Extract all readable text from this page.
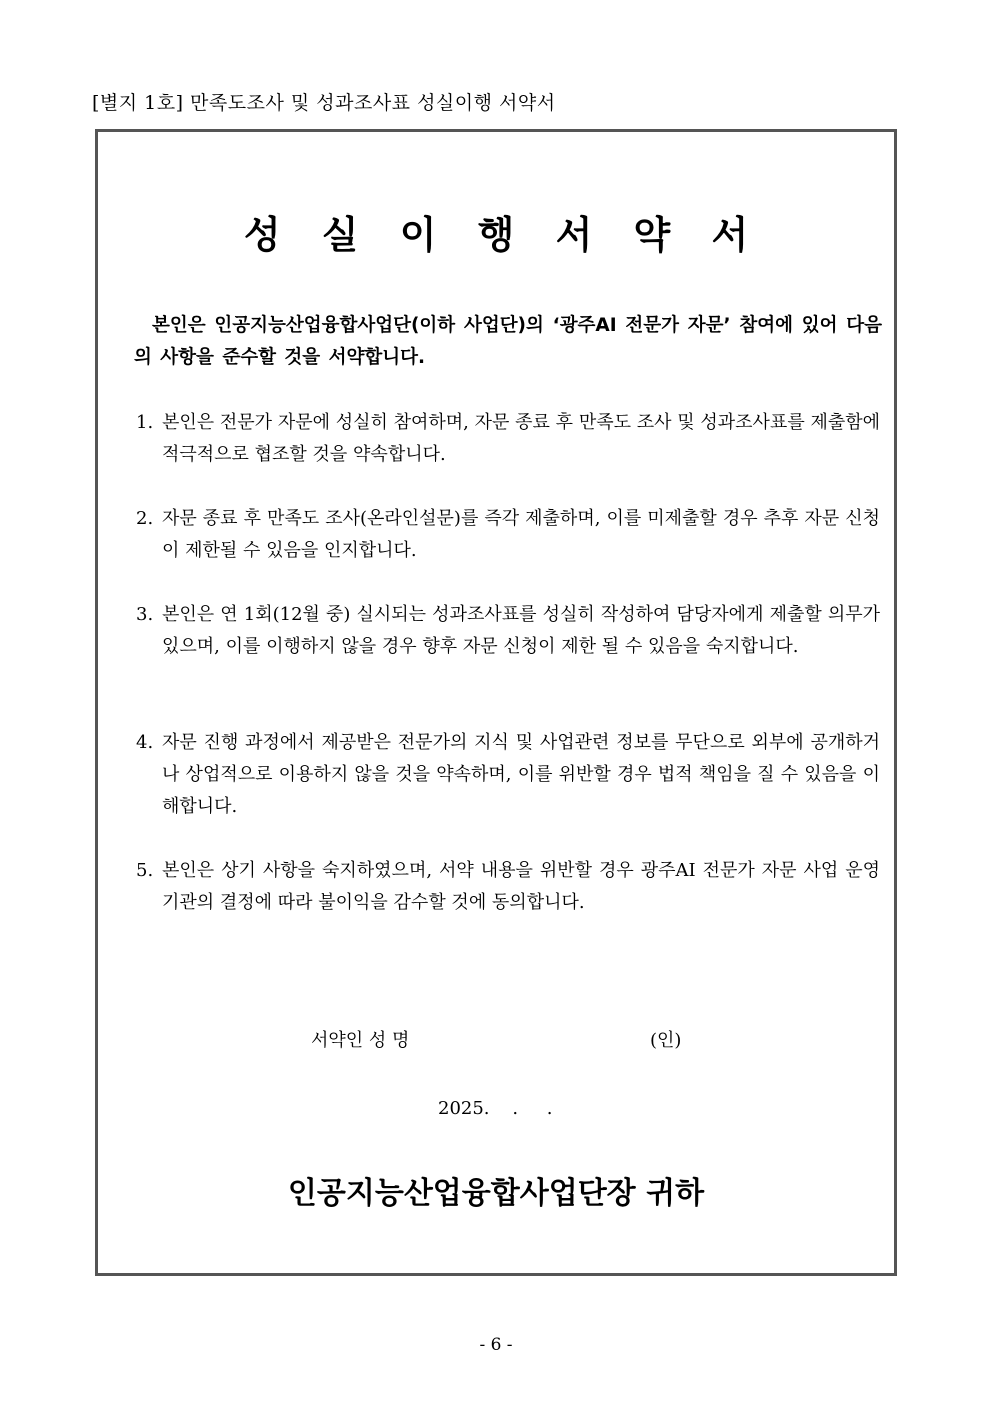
[별지 1호] 만족도조사 및 성과조사표 성실이행 서약서
성 실 이 행 서 약 서
본인은 인공지능산업융합사업단(이하 사업단)의 ‘광주AI 전문가 자문’ 참여에 있어 다음의 사항을 준수할 것을 서약합니다.
1. 본인은 전문가 자문에 성실히 참여하며, 자문 종료 후 만족도 조사 및 성과조사표를 제출함에 적극적으로 협조할 것을 약속합니다.
2. 자문 종료 후 만족도 조사(온라인설문)를 즉각 제출하며, 이를 미제출할 경우 추후 자문 신청이 제한될 수 있음을 인지합니다.
3. 본인은 연 1회(12월 중) 실시되는 성과조사표를 성실히 작성하여 담당자에게 제출할 의무가 있으며, 이를 이행하지 않을 경우 향후 자문 신청이 제한 될 수 있음을 숙지합니다.
4. 자문 진행 과정에서 제공받은 전문가의 지식 및 사업관련 정보를 무단으로 외부에 공개하거나 상업적으로 이용하지 않을 것을 약속하며, 이를 위반할 경우 법적 책임을 질 수 있음을 이해합니다.
5. 본인은 상기 사항을 숙지하였으며, 서약 내용을 위반할 경우 광주AI 전문가 자문 사업 운영 기관의 결정에 따라 불이익을 감수할 것에 동의합니다.
서약인 성 명	(인)
2025.    .     .
인공지능산업융합사업단장 귀하
- 6 -
